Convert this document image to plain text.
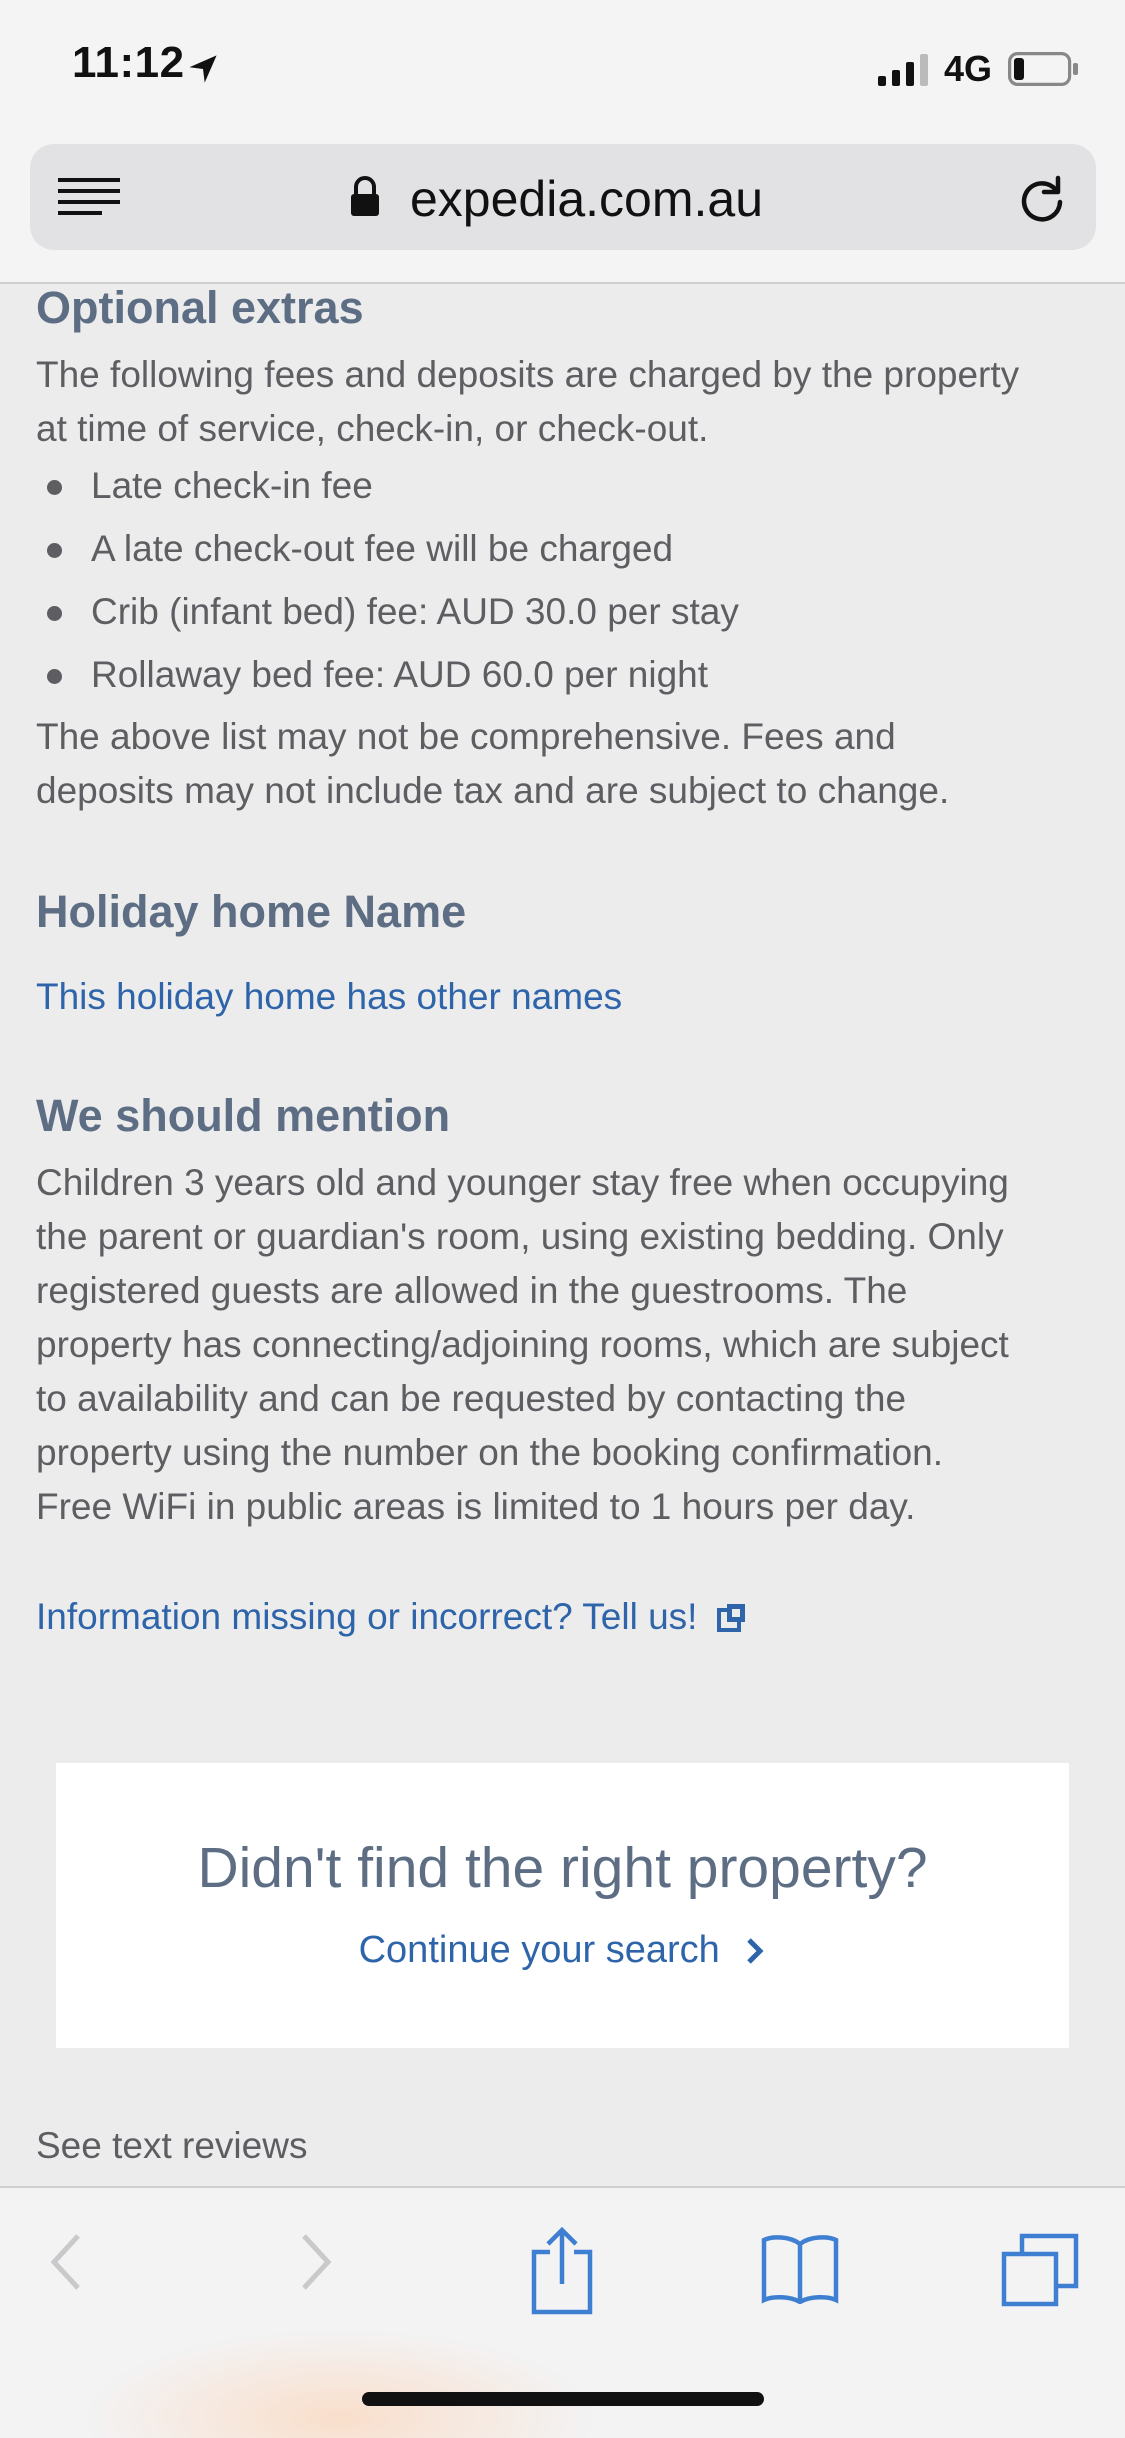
11:12	4G
expedia.com.au
Optional extras

The following fees and deposits are charged by the property
at time of service, check-in, or check-out.

Late check-in fee
A late check-out fee will be charged
Crib (infant bed) fee: AUD 30.0 per stay
Rollaway bed fee: AUD 60.0 per night

The above list may not be comprehensive. Fees and
deposits may not include tax and are subject to change.

Holiday home Name
This holiday home has other names
We should mention

Children 3 years old and younger stay free when occupying
the parent or guardian's room, using existing bedding. Only
registered guests are allowed in the guestrooms. The
property has connecting/adjoining rooms, which are subject
to availability and can be requested by contacting the
property using the number on the booking confirmation.
Free WiFi in public areas is limited to 1 hours per day.

Information missing or incorrect? Tell us!
Didn't find the right property?
Continue your search
See text reviews
